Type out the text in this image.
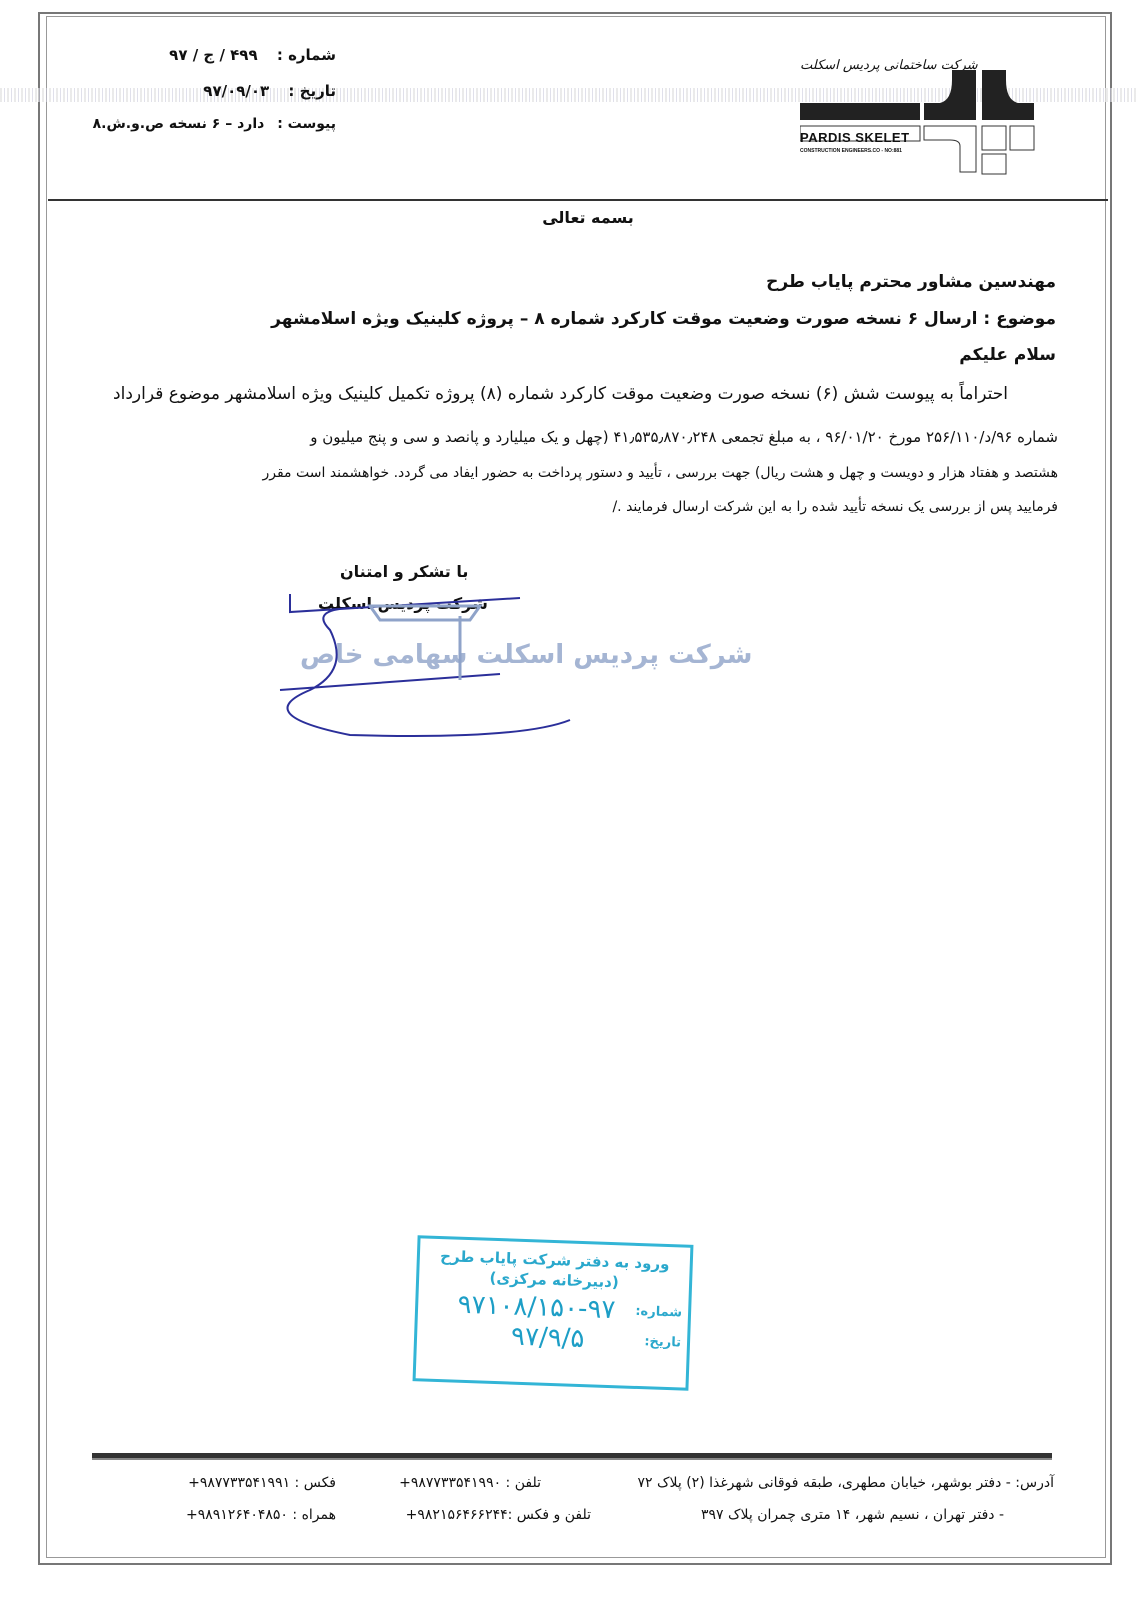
شماره : ۴۹۹ / ج / ۹۷
تاریخ : ۹۷/۰۹/۰۳
پیوست : دارد – ۶ نسخه ص.و.ش.۸
شرکت ساختمانی پردیس اسکلت
PARDIS SKELET
CONSTRUCTION ENGINEERS.CO - NO:881
بسمه تعالی
مهندسین مشاور محترم پایاب طرح
موضوع : ارسال ۶ نسخه صورت وضعیت موقت کارکرد شماره ۸ – پروژه کلینیک ویژه اسلامشهر
سلام علیکم
احتراماً به پیوست شش (۶) نسخه صورت وضعیت موقت کارکرد شماره (۸) پروژه تکمیل کلینیک ویژه اسلامشهر موضوع قرارداد
شماره ۹۶/د/۲۵۶/۱۱۰ مورخ ۹۶/۰۱/۲۰ ، به مبلغ تجمعی ۴۱٫۵۳۵٫۸۷۰٫۲۴۸ (چهل و یک میلیارد و پانصد و سی و پنج میلیون و
هشتصد و هفتاد هزار و دویست و چهل و هشت ریال) جهت بررسی ، تأیید و دستور پرداخت به حضور ایفاد می گردد. خواهشمند است مقرر
فرمایید پس از بررسی یک نسخه تأیید شده را به این شرکت ارسال فرمایند ./
با تشکر و امتنان
شرکت پردیس اسکلت
شرکت پردیس اسکلت سهامی خاص
ورود به دفتر شرکت پایاب طرح
(دبیرخانه مرکزی)
شماره:
۹۷۱۰۸/۱۵۰-۹۷
تاریخ:
۹۷/۹/۵
آدرس: - دفتر بوشهر، خیابان مطهری، طبقه فوقانی شهرغذا (۲) پلاک ۷۲
تلفن : ۹۸۷۷۳۳۵۴۱۹۹۰+
فکس : ۹۸۷۷۳۳۵۴۱۹۹۱+
- دفتر تهران ، نسیم شهر، ۱۴ متری چمران پلاک ۳۹۷
تلفن و فکس :۹۸۲۱۵۶۴۶۶۲۴۴+
همراه : ۹۸۹۱۲۶۴۰۴۸۵۰+
